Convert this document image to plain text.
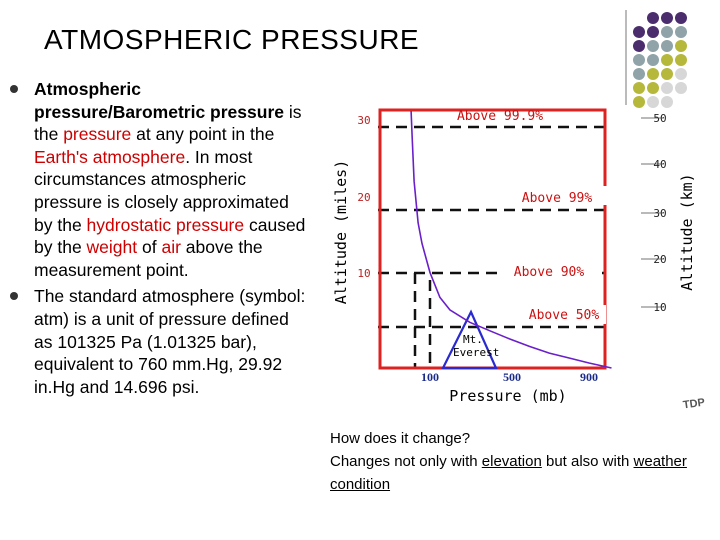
ATMOSPHERIC PRESSURE
Atmospheric pressure/Barometric pressure is the pressure at any point in the Earth's atmosphere. In most circumstances atmospheric pressure is closely approximated by the hydrostatic pressure caused by the weight of air above the measurement point.
The standard atmosphere (symbol: atm) is a unit of pressure defined as 101325 Pa (1.01325 bar), equivalent to 760 mm.Hg, 29.92 in.Hg and 14.696 psi.
Altitude (miles)	Altitude (km)
Pressure (mb)
30
20
10
50
40
30
20
10
Mt.
Everest
Above 99.9%
Above 99%
Above 90%
Above 50%
100	500	900
TDP
How does it change?
Changes not only with elevation but also with weather condition
